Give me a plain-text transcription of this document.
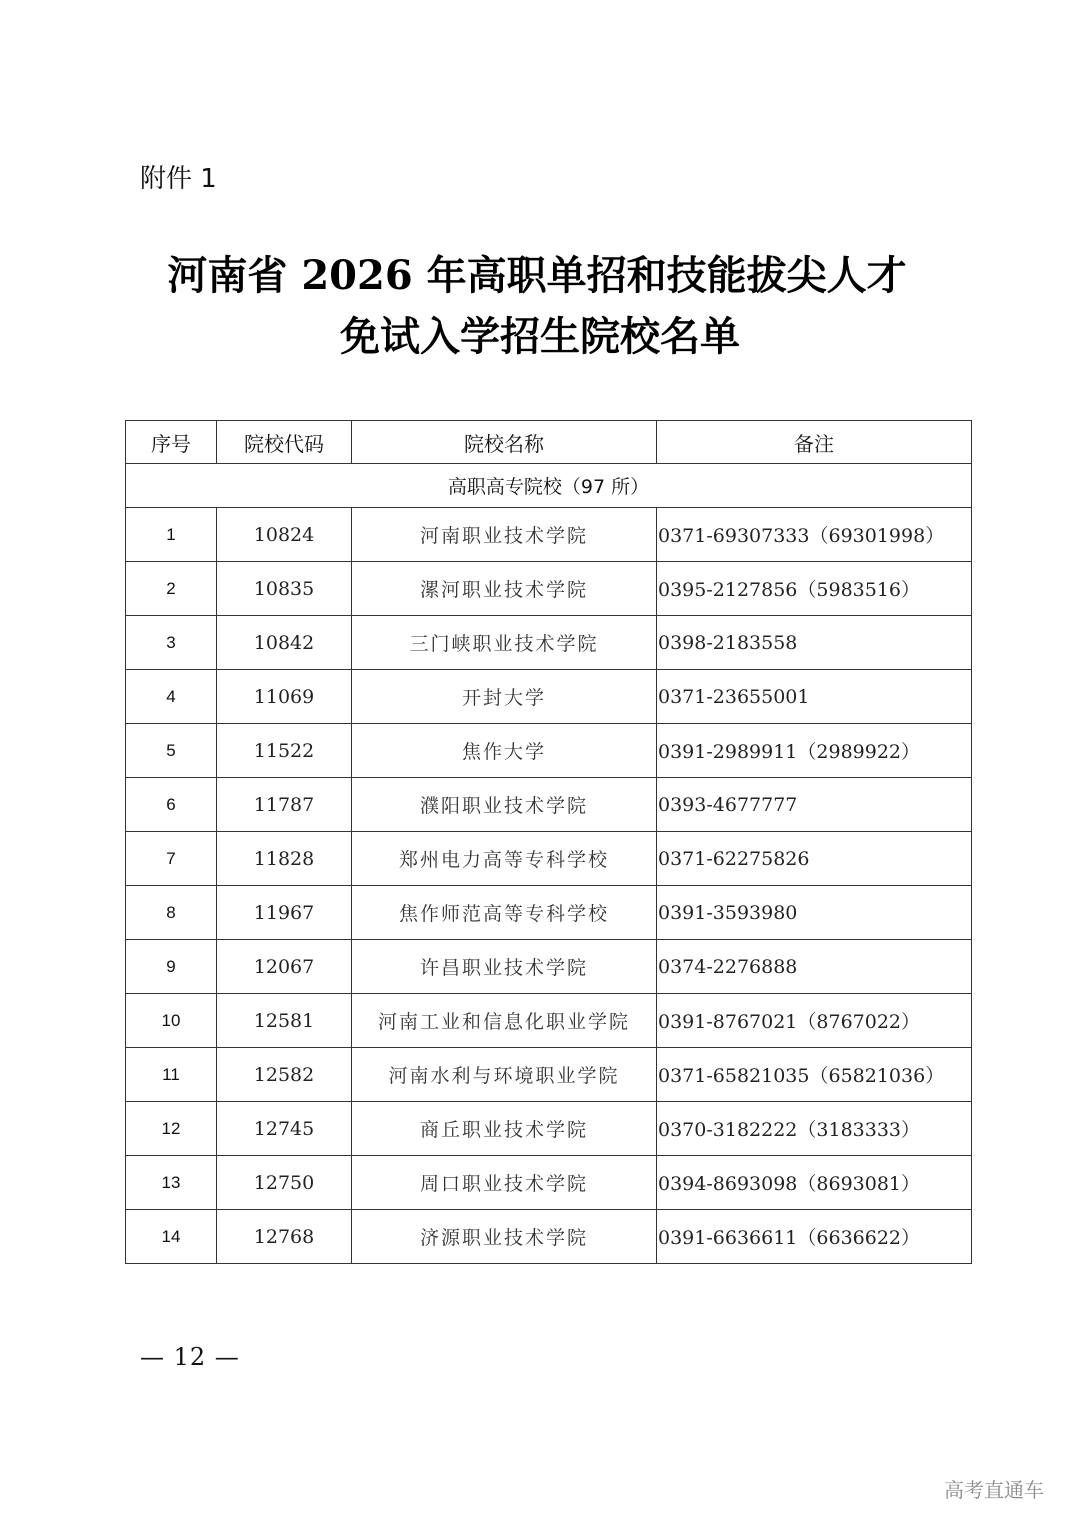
附件 1
河南省 2026 年高职单招和技能拔尖人才
免试入学招生院校名单
序号	院校代码	院校名称	备注
高职高专院校（97 所）			
1	10824	河南职业技术学院	0371-69307333（69301998）
2	10835	漯河职业技术学院	0395-2127856（5983516）
3	10842	三门峡职业技术学院	0398-2183558
4	11069	开封大学	0371-23655001
5	11522	焦作大学	0391-2989911（2989922）
6	11787	濮阳职业技术学院	0393-4677777
7	11828	郑州电力高等专科学校	0371-62275826
8	11967	焦作师范高等专科学校	0391-3593980
9	12067	许昌职业技术学院	0374-2276888
10	12581	河南工业和信息化职业学院	0391-8767021（8767022）
11	12582	河南水利与环境职业学院	0371-65821035（65821036）
12	12745	商丘职业技术学院	0370-3182222（3183333）
13	12750	周口职业技术学院	0394-8693098（8693081）
14	12768	济源职业技术学院	0391-6636611（6636622）
— 12 —
高考直通车
